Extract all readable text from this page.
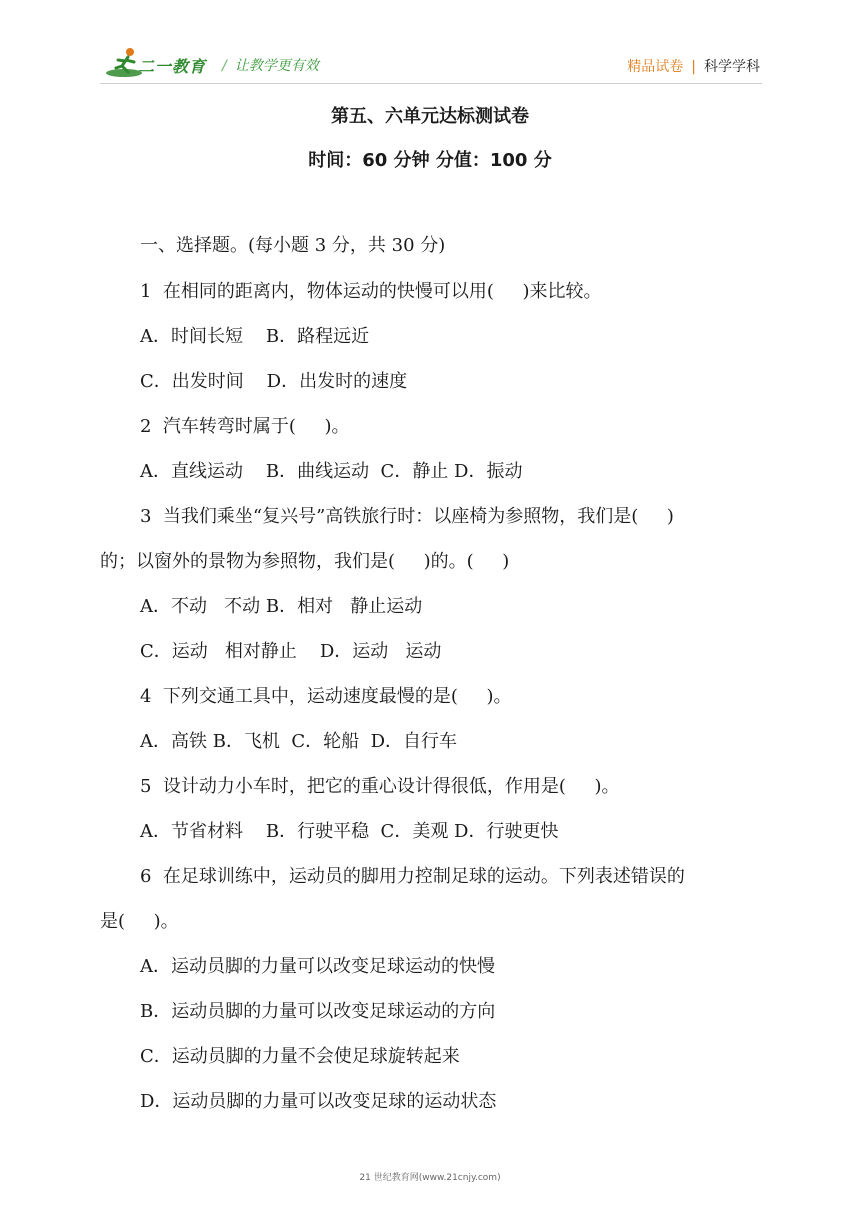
二一教育 / 让教学更有效	精品试卷 | 科学学科
第五、六单元达标测试卷
时间：60 分钟 分值：100 分
一、选择题。(每小题 3 分，共 30 分)
1  在相同的距离内，物体运动的快慢可以用(     )来比较。
A．时间长短    B．路程远近
C．出发时间    D．出发时的速度
2  汽车转弯时属于(     )。
A．直线运动    B．曲线运动  C．静止 D．振动
3  当我们乘坐“复兴号”高铁旅行时：以座椅为参照物，我们是(     )
的；以窗外的景物为参照物，我们是(     )的。(     )
A．不动   不动 B．相对   静止运动
C．运动   相对静止    D．运动   运动
4  下列交通工具中，运动速度最慢的是(     )。
A．高铁 B．飞机  C．轮船  D．自行车
5  设计动力小车时，把它的重心设计得很低，作用是(     )。
A．节省材料    B．行驶平稳  C．美观 D．行驶更快
6  在足球训练中，运动员的脚用力控制足球的运动。下列表述错误的
是(     )。
A．运动员脚的力量可以改变足球运动的快慢
B．运动员脚的力量可以改变足球运动的方向
C．运动员脚的力量不会使足球旋转起来
D．运动员脚的力量可以改变足球的运动状态
21 世纪教育网(www.21cnjy.com)
